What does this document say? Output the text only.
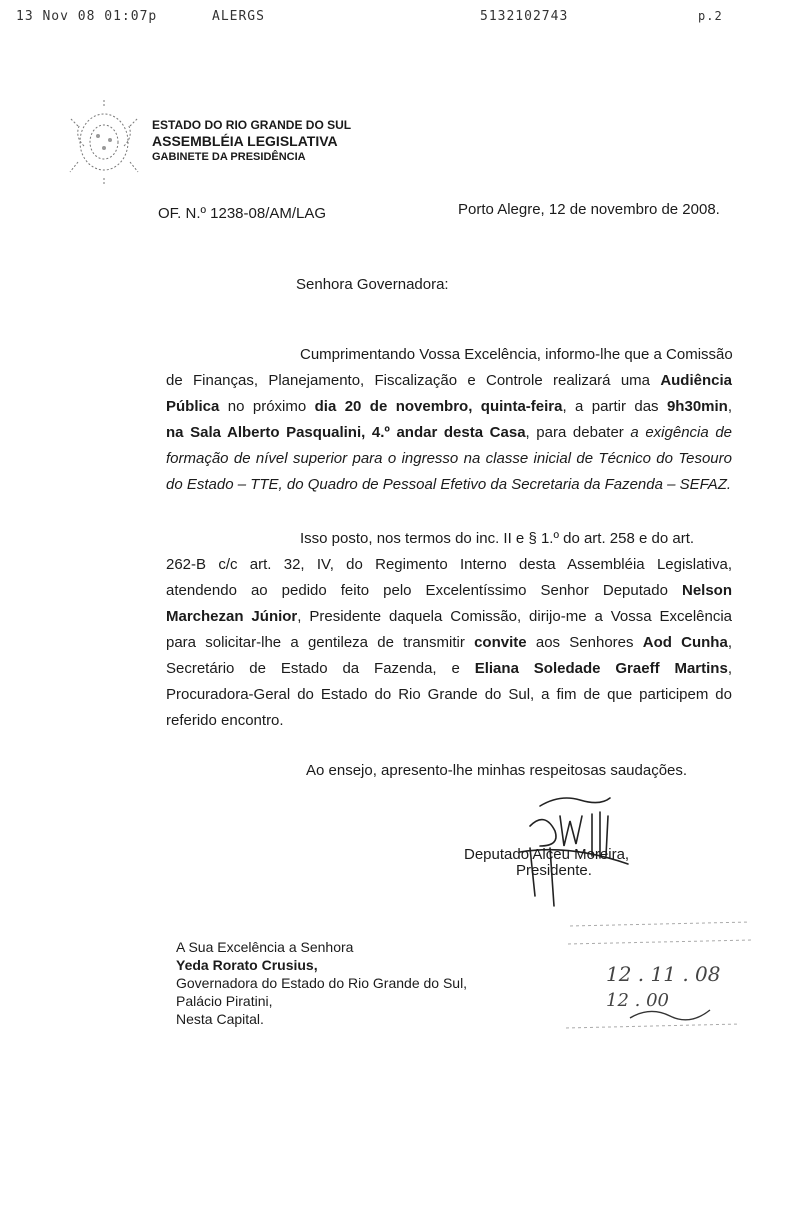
13 Nov 08 01:07p	ALERGS	5132102743	p.2
ESTADO DO RIO GRANDE DO SUL
ASSEMBLÉIA LEGISLATIVA
GABINETE DA PRESIDÊNCIA
OF. N.º 1238-08/AM/LAG	Porto Alegre, 12 de novembro de 2008.
Senhora Governadora:
Cumprimentando Vossa Excelência, informo-lhe que a Comissão
de Finanças, Planejamento, Fiscalização e Controle realizará uma Audiência
Pública no próximo dia 20 de novembro, quinta-feira, a partir das 9h30min,
na Sala Alberto Pasqualini, 4.º andar desta Casa, para debater a exigência de
formação de nível superior para o ingresso na classe inicial de Técnico do Tesouro
do Estado – TTE, do Quadro de Pessoal Efetivo da Secretaria da Fazenda – SEFAZ.
Isso posto, nos termos do inc. II e § 1.º do art. 258 e do art.
262-B c/c art. 32, IV, do Regimento Interno desta Assembléia Legislativa,
atendendo ao pedido feito pelo Excelentíssimo Senhor Deputado Nelson
Marchezan Júnior, Presidente daquela Comissão, dirijo-me a Vossa Excelência
para solicitar-lhe a gentileza de transmitir convite aos Senhores Aod Cunha,
Secretário de Estado da Fazenda, e Eliana Soledade Graeff Martins,
Procuradora-Geral do Estado do Rio Grande do Sul, a fim de que participem do
referido encontro.
Ao ensejo, apresento-lhe minhas respeitosas saudações.
Deputado Alceu Moreira,
Presidente.
A Sua Excelência a Senhora
Yeda Rorato Crusius,
Governadora do Estado do Rio Grande do Sul,
Palácio Piratini,
Nesta Capital.
12 . 11 . 08
12 . 00
